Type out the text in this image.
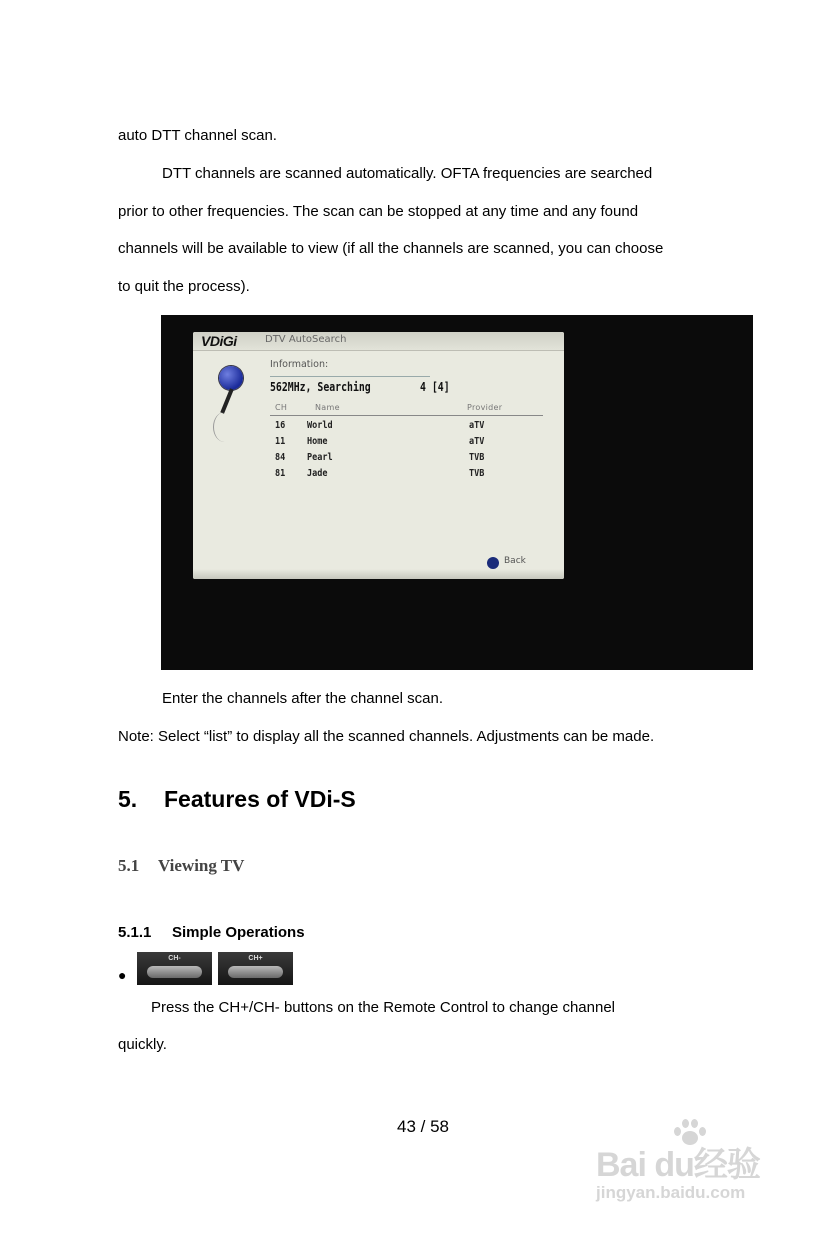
auto DTT channel scan.

DTT channels are scanned automatically. OFTA frequencies are searched

prior to other frequencies. The scan can be stopped at any time and any found

channels will be available to view (if all the channels are scanned, you can choose

to quit the process).

VDiGi	DTV AutoSearch
Information:
562MHz, Searching	4 [4]
CH	Name	Provider
16 World	aTV
11 Home	aTV
84 Pearl	TVB
81 Jade	TVB
Back

Enter the channels after the channel scan.

Note: Select “list” to display all the scanned channels. Adjustments can be made.

5. Features of VDi-S
5.1 Viewing TV
5.1.1 Simple Operations
●
CH-	CH+

Press the CH+/CH- buttons on the Remote Control to change channel

quickly.

43 / 58

Bai du经验
jingyan.baidu.com
